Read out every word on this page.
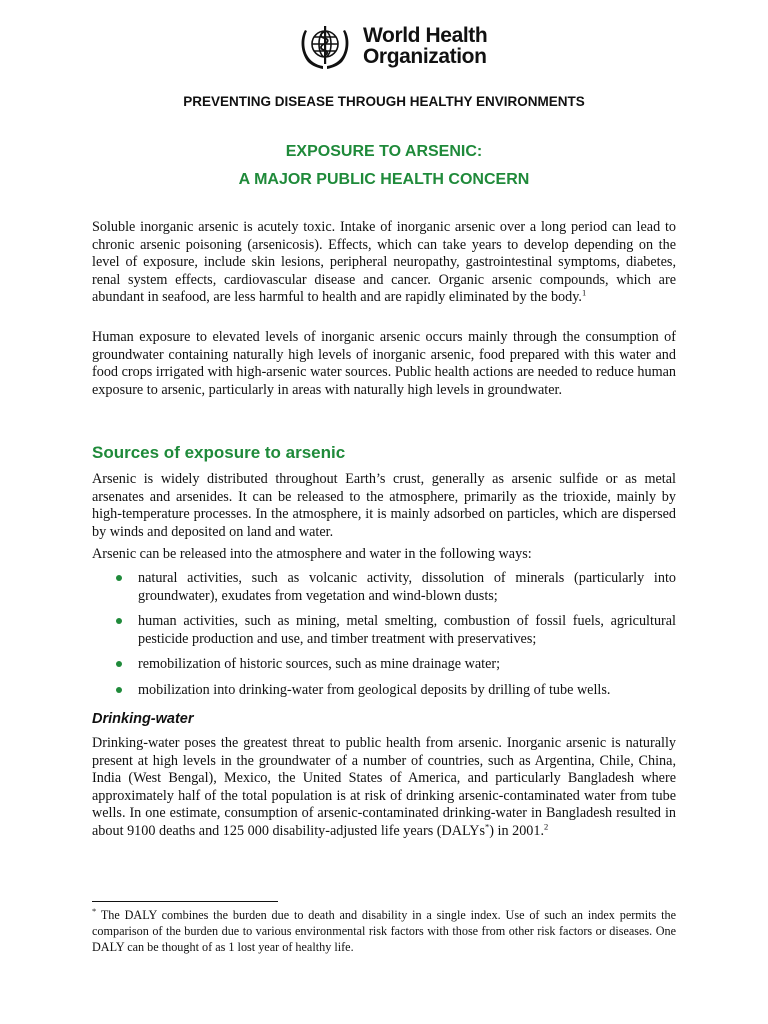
World Health
Organization
PREVENTING DISEASE THROUGH HEALTHY ENVIRONMENTS
EXPOSURE TO ARSENIC:
A MAJOR PUBLIC HEALTH CONCERN

Soluble inorganic arsenic is acutely toxic. Intake of inorganic arsenic over a long period can lead to chronic arsenic poisoning (arsenicosis). Effects, which can take years to develop depending on the level of exposure, include skin lesions, peripheral neuropathy, gastrointestinal symptoms, diabetes, renal system effects, cardiovascular disease and cancer. Organic arsenic compounds, which are abundant in seafood, are less harmful to health and are rapidly eliminated by the body.$^1$

Human exposure to elevated levels of inorganic arsenic occurs mainly through the consumption of groundwater containing naturally high levels of inorganic arsenic, food prepared with this water and food crops irrigated with high-arsenic water sources. Public health actions are needed to reduce human exposure to arsenic, particularly in areas with naturally high levels in groundwater.

Sources of exposure to arsenic

Arsenic is widely distributed throughout Earth’s crust, generally as arsenic sulfide or as metal arsenates and arsenides. It can be released to the atmosphere, primarily as the trioxide, mainly by high-temperature processes. In the atmosphere, it is mainly adsorbed on particles, which are dispersed by winds and deposited on land and water.

Arsenic can be released into the atmosphere and water in the following ways:

natural activities, such as volcanic activity, dissolution of minerals (particularly into groundwater), exudates from vegetation and wind-blown dusts;
human activities, such as mining, metal smelting, combustion of fossil fuels, agricultural pesticide production and use, and timber treatment with preservatives;
remobilization of historic sources, such as mine drainage water;
mobilization into drinking-water from geological deposits by drilling of tube wells.
Drinking-water

Drinking-water poses the greatest threat to public health from arsenic. Inorganic arsenic is naturally present at high levels in the groundwater of a number of countries, such as Argentina, Chile, China, India (West Bengal), Mexico, the United States of America, and particularly Bangladesh where approximately half of the total population is at risk of drinking arsenic-contaminated water from tube wells. In one estimate, consumption of arsenic-contaminated drinking-water in Bangladesh resulted in about 9100 deaths and 125 000 disability-adjusted life years (DALYs*) in 2001.$^2$

* The DALY combines the burden due to death and disability in a single index. Use of such an index permits the comparison of the burden due to various environmental risk factors with those from other risk factors or diseases. One DALY can be thought of as 1 lost year of healthy life.
